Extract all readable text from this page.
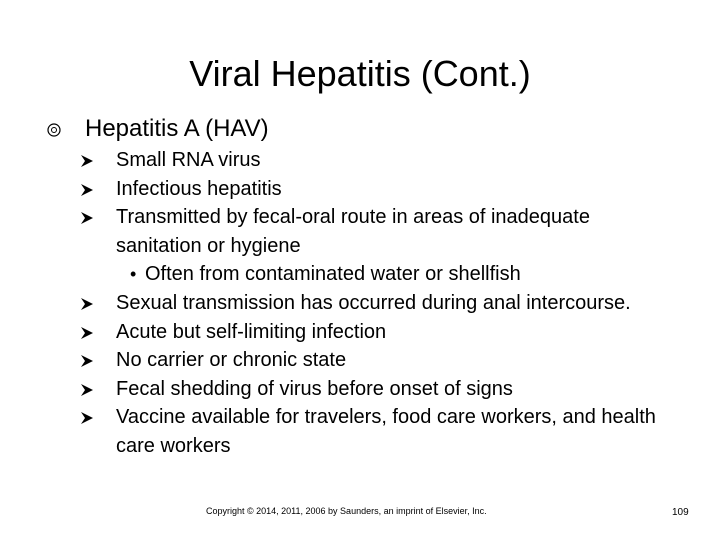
Viral Hepatitis (Cont.)
Hepatitis A (HAV)
Small RNA virus
Infectious hepatitis
Transmitted by fecal-oral route in areas of inadequate sanitation or hygiene
• Often from contaminated water or shellfish
Sexual transmission has occurred during anal intercourse.
Acute but self-limiting infection
No carrier or chronic state
Fecal shedding of virus before onset of signs
Vaccine available for travelers, food care workers, and health care workers
Copyright © 2014, 2011, 2006 by Saunders, an imprint of Elsevier, Inc.	109
